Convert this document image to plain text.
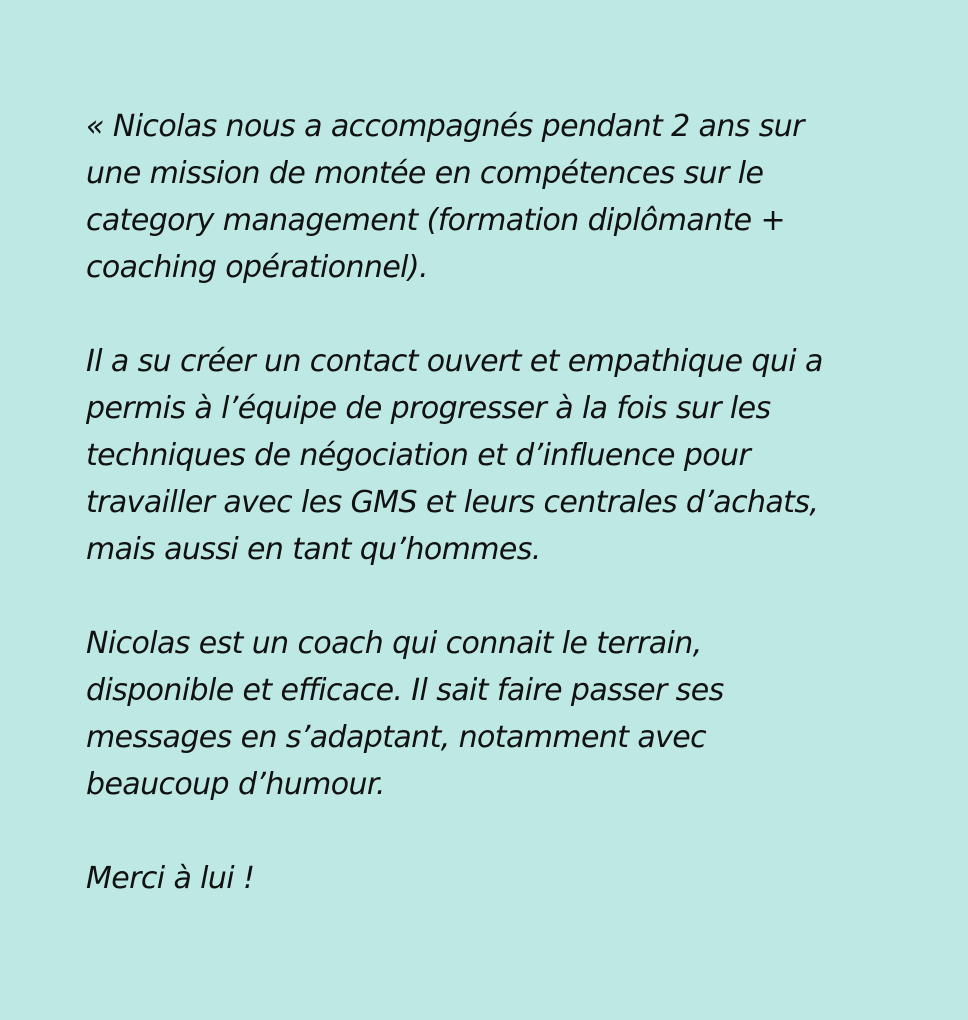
« Nicolas nous a accompagnés pendant 2 ans sur
une mission de montée en compétences sur le
category management (formation diplômante +
coaching opérationnel).

Il a su créer un contact ouvert et empathique qui a
permis à l’équipe de progresser à la fois sur les
techniques de négociation et d’influence pour
travailler avec les GMS et leurs centrales d’achats,
mais aussi en tant qu’hommes.

Nicolas est un coach qui connait le terrain,
disponible et efficace. Il sait faire passer ses
messages en s’adaptant, notamment avec
beaucoup d’humour.

Merci à lui !
